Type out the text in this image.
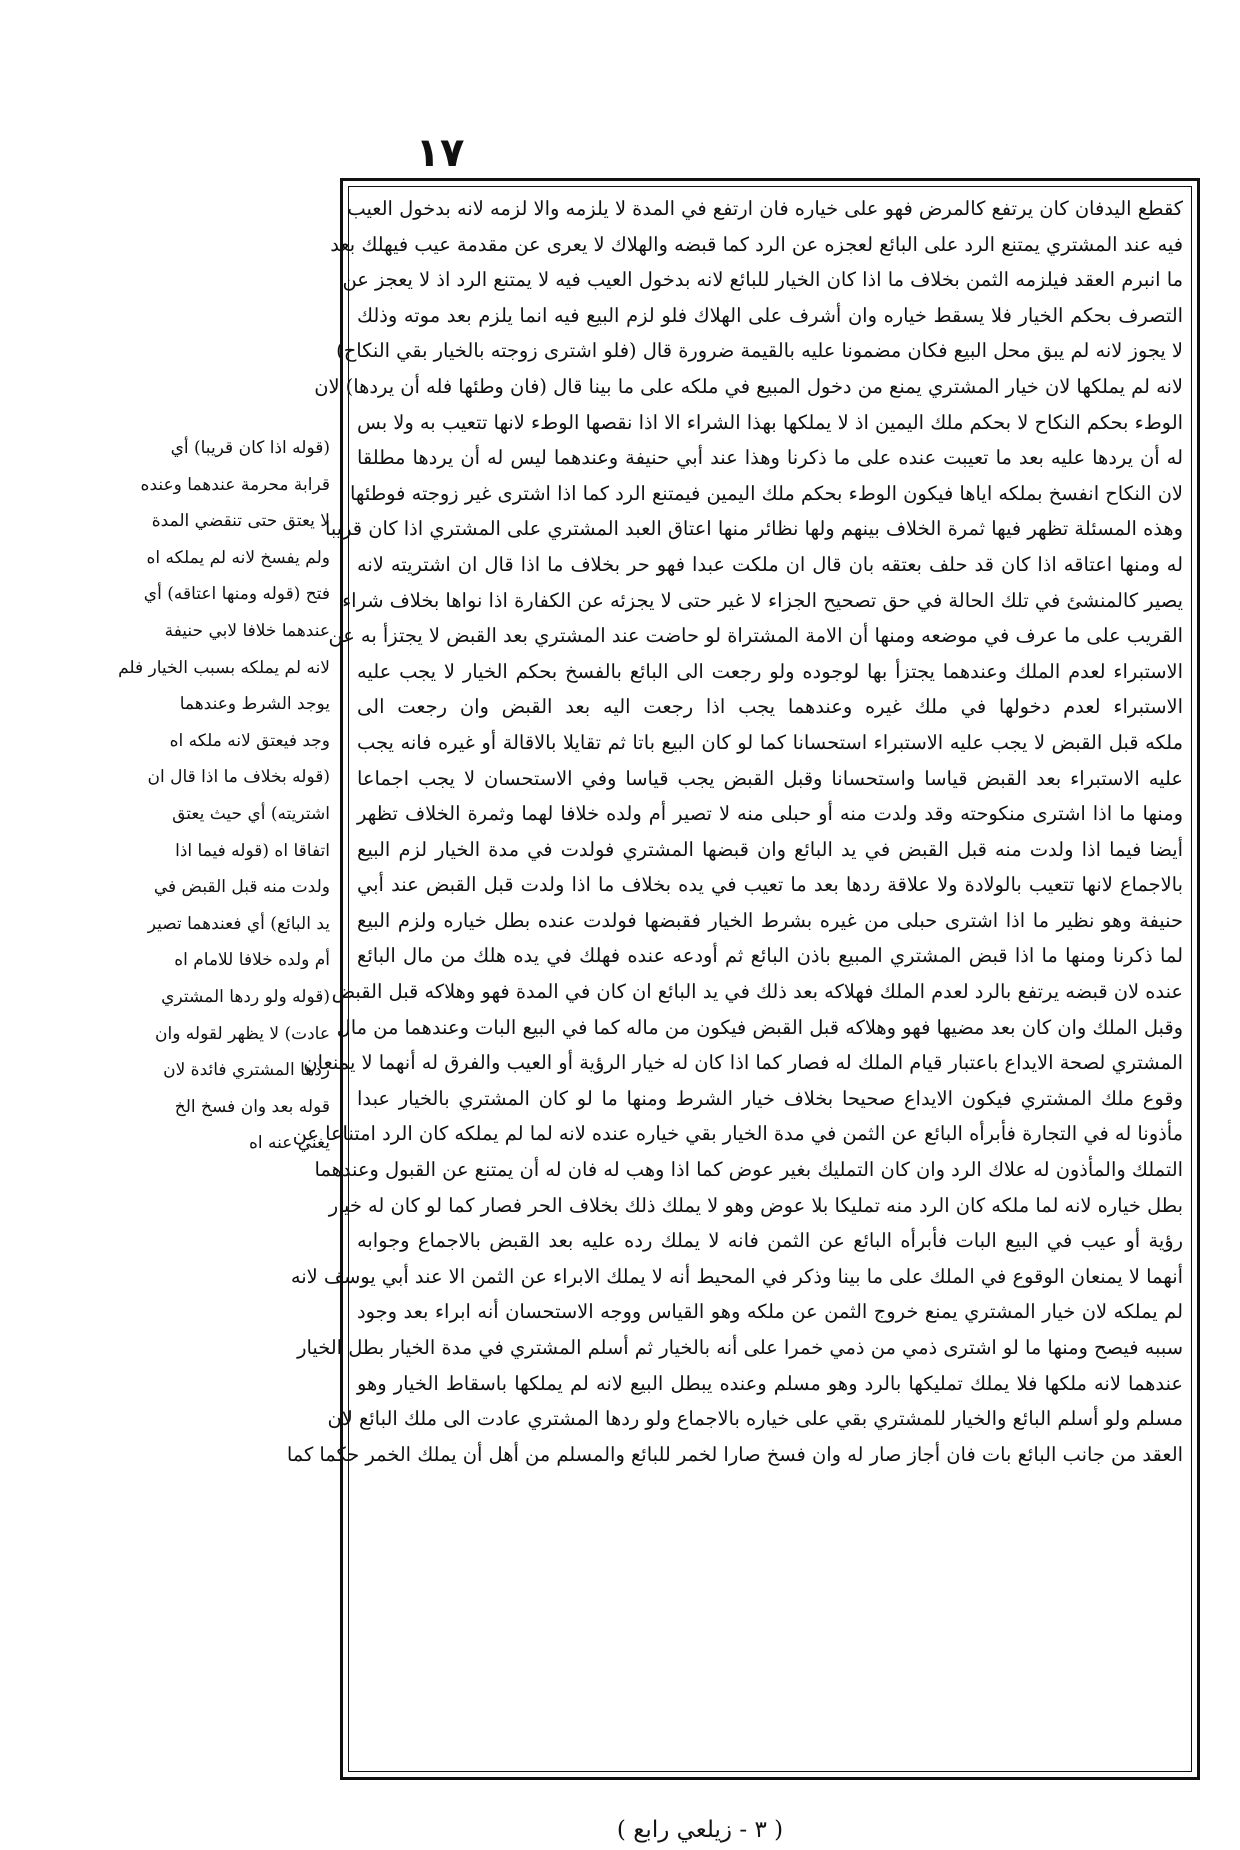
١٧
(قوله اذا كان قريبا) أي
قرابة محرمة عندهما وعنده
لا يعتق حتى تنقضي المدة
ولم يفسخ لانه لم يملكه اه
فتح (قوله ومنها اعتاقه) أي
عندهما خلافا لابي حنيفة
لانه لم يملكه بسبب الخيار فلم
يوجد الشرط وعندهما
وجد فيعتق لانه ملكه اه
(قوله بخلاف ما اذا قال ان
اشتريته) أي حيث يعتق
اتفاقا اه (قوله فيما اذا
ولدت منه قبل القبض في
يد البائع) أي فعندهما تصير
أم ولده خلافا للامام اه
(قوله ولو ردها المشتري
عادت) لا يظهر لقوله وان
ردها المشتري فائدة لان
قوله بعد وان فسخ الخ
يغني عنه اه
كقطع اليدفان كان يرتفع كالمرض فهو على خياره فان ارتفع في المدة لا يلزمه والا لزمه لانه بدخول العيب
فيه عند المشتري يمتنع الرد على البائع لعجزه عن الرد كما قبضه والهلاك لا يعرى عن مقدمة عيب فيهلك بعد
ما انبرم العقد فيلزمه الثمن بخلاف ما اذا كان الخيار للبائع لانه بدخول العيب فيه لا يمتنع الرد اذ لا يعجز عن
التصرف بحكم الخيار فلا يسقط خياره وان أشرف على الهلاك فلو لزم البيع فيه انما يلزم بعد موته وذلك
لا يجوز لانه لم يبق محل البيع فكان مضمونا عليه بالقيمة ضرورة قال (فلو اشترى زوجته بالخيار بقي النكاح)
لانه لم يملكها لان خيار المشتري يمنع من دخول المبيع في ملكه على ما بينا قال (فان وطئها فله أن يردها) لان
الوطء بحكم النكاح لا بحكم ملك اليمين اذ لا يملكها بهذا الشراء الا اذا نقصها الوطء لانها تتعيب به ولا بس
له أن يردها عليه بعد ما تعيبت عنده على ما ذكرنا وهذا عند أبي حنيفة وعندهما ليس له أن يردها مطلقا
لان النكاح انفسخ بملكه اياها فيكون الوطء بحكم ملك اليمين فيمتنع الرد كما اذا اشترى غير زوجته فوطئها
وهذه المسئلة تظهر فيها ثمرة الخلاف بينهم ولها نظائر منها اعتاق العبد المشتري على المشتري اذا كان قريبا
له ومنها اعتاقه اذا كان قد حلف بعتقه بان قال ان ملكت عبدا فهو حر بخلاف ما اذا قال ان اشتريته لانه
يصير كالمنشئ في تلك الحالة في حق تصحيح الجزاء لا غير حتى لا يجزئه عن الكفارة اذا نواها بخلاف شراء
القريب على ما عرف في موضعه ومنها أن الامة المشتراة لو حاضت عند المشتري بعد القبض لا يجتزأ به عن
الاستبراء لعدم الملك وعندهما يجتزأ بها لوجوده ولو رجعت الى البائع بالفسخ بحكم الخيار لا يجب عليه
الاستبراء لعدم دخولها في ملك غيره وعندهما يجب اذا رجعت اليه بعد القبض وان رجعت الى
ملكه قبل القبض لا يجب عليه الاستبراء استحسانا كما لو كان البيع باتا ثم تقايلا بالاقالة أو غيره فانه يجب
عليه الاستبراء بعد القبض قياسا واستحسانا وقبل القبض يجب قياسا وفي الاستحسان لا يجب اجماعا
ومنها ما اذا اشترى منكوحته وقد ولدت منه أو حبلى منه لا تصير أم ولده خلافا لهما وثمرة الخلاف تظهر
أيضا فيما اذا ولدت منه قبل القبض في يد البائع وان قبضها المشتري فولدت في مدة الخيار لزم البيع
بالاجماع لانها تتعيب بالولادة ولا علاقة ردها بعد ما تعيب في يده بخلاف ما اذا ولدت قبل القبض عند أبي
حنيفة وهو نظير ما اذا اشترى حبلى من غيره بشرط الخيار فقبضها فولدت عنده بطل خياره ولزم البيع
لما ذكرنا ومنها ما اذا قبض المشتري المبيع باذن البائع ثم أودعه عنده فهلك في يده هلك من مال البائع
عنده لان قبضه يرتفع بالرد لعدم الملك فهلاكه بعد ذلك في يد البائع ان كان في المدة فهو وهلاكه قبل القبض
وقبل الملك وان كان بعد مضيها فهو وهلاكه قبل القبض فيكون من ماله كما في البيع البات وعندهما من مال
المشتري لصحة الايداع باعتبار قيام الملك له فصار كما اذا كان له خيار الرؤية أو العيب والفرق له أنهما لا يمنعان
وقوع ملك المشتري فيكون الايداع صحيحا بخلاف خيار الشرط ومنها ما لو كان المشتري بالخيار عبدا
مأذونا له في التجارة فأبرأه البائع عن الثمن في مدة الخيار بقي خياره عنده لانه لما لم يملكه كان الرد امتناعا عن
التملك والمأذون له علاك الرد وان كان التمليك بغير عوض كما اذا وهب له فان له أن يمتنع عن القبول وعندهما
بطل خياره لانه لما ملكه كان الرد منه تمليكا بلا عوض وهو لا يملك ذلك بخلاف الحر فصار كما لو كان له خيار
رؤية أو عيب في البيع البات فأبرأه البائع عن الثمن فانه لا يملك رده عليه بعد القبض بالاجماع وجوابه
أنهما لا يمنعان الوقوع في الملك على ما بينا وذكر في المحيط أنه لا يملك الابراء عن الثمن الا عند أبي يوسف لانه
لم يملكه لان خيار المشتري يمنع خروج الثمن عن ملكه وهو القياس ووجه الاستحسان أنه ابراء بعد وجود
سببه فيصح ومنها ما لو اشترى ذمي من ذمي خمرا على أنه بالخيار ثم أسلم المشتري في مدة الخيار بطل الخيار
عندهما لانه ملكها فلا يملك تمليكها بالرد وهو مسلم وعنده يبطل البيع لانه لم يملكها باسقاط الخيار وهو
مسلم ولو أسلم البائع والخيار للمشتري بقي على خياره بالاجماع ولو ردها المشتري عادت الى ملك البائع لان
العقد من جانب البائع بات فان أجاز صار له وان فسخ صارا لخمر للبائع والمسلم من أهل أن يملك الخمر حكما كما
( ٣ - زيلعي رابع )
